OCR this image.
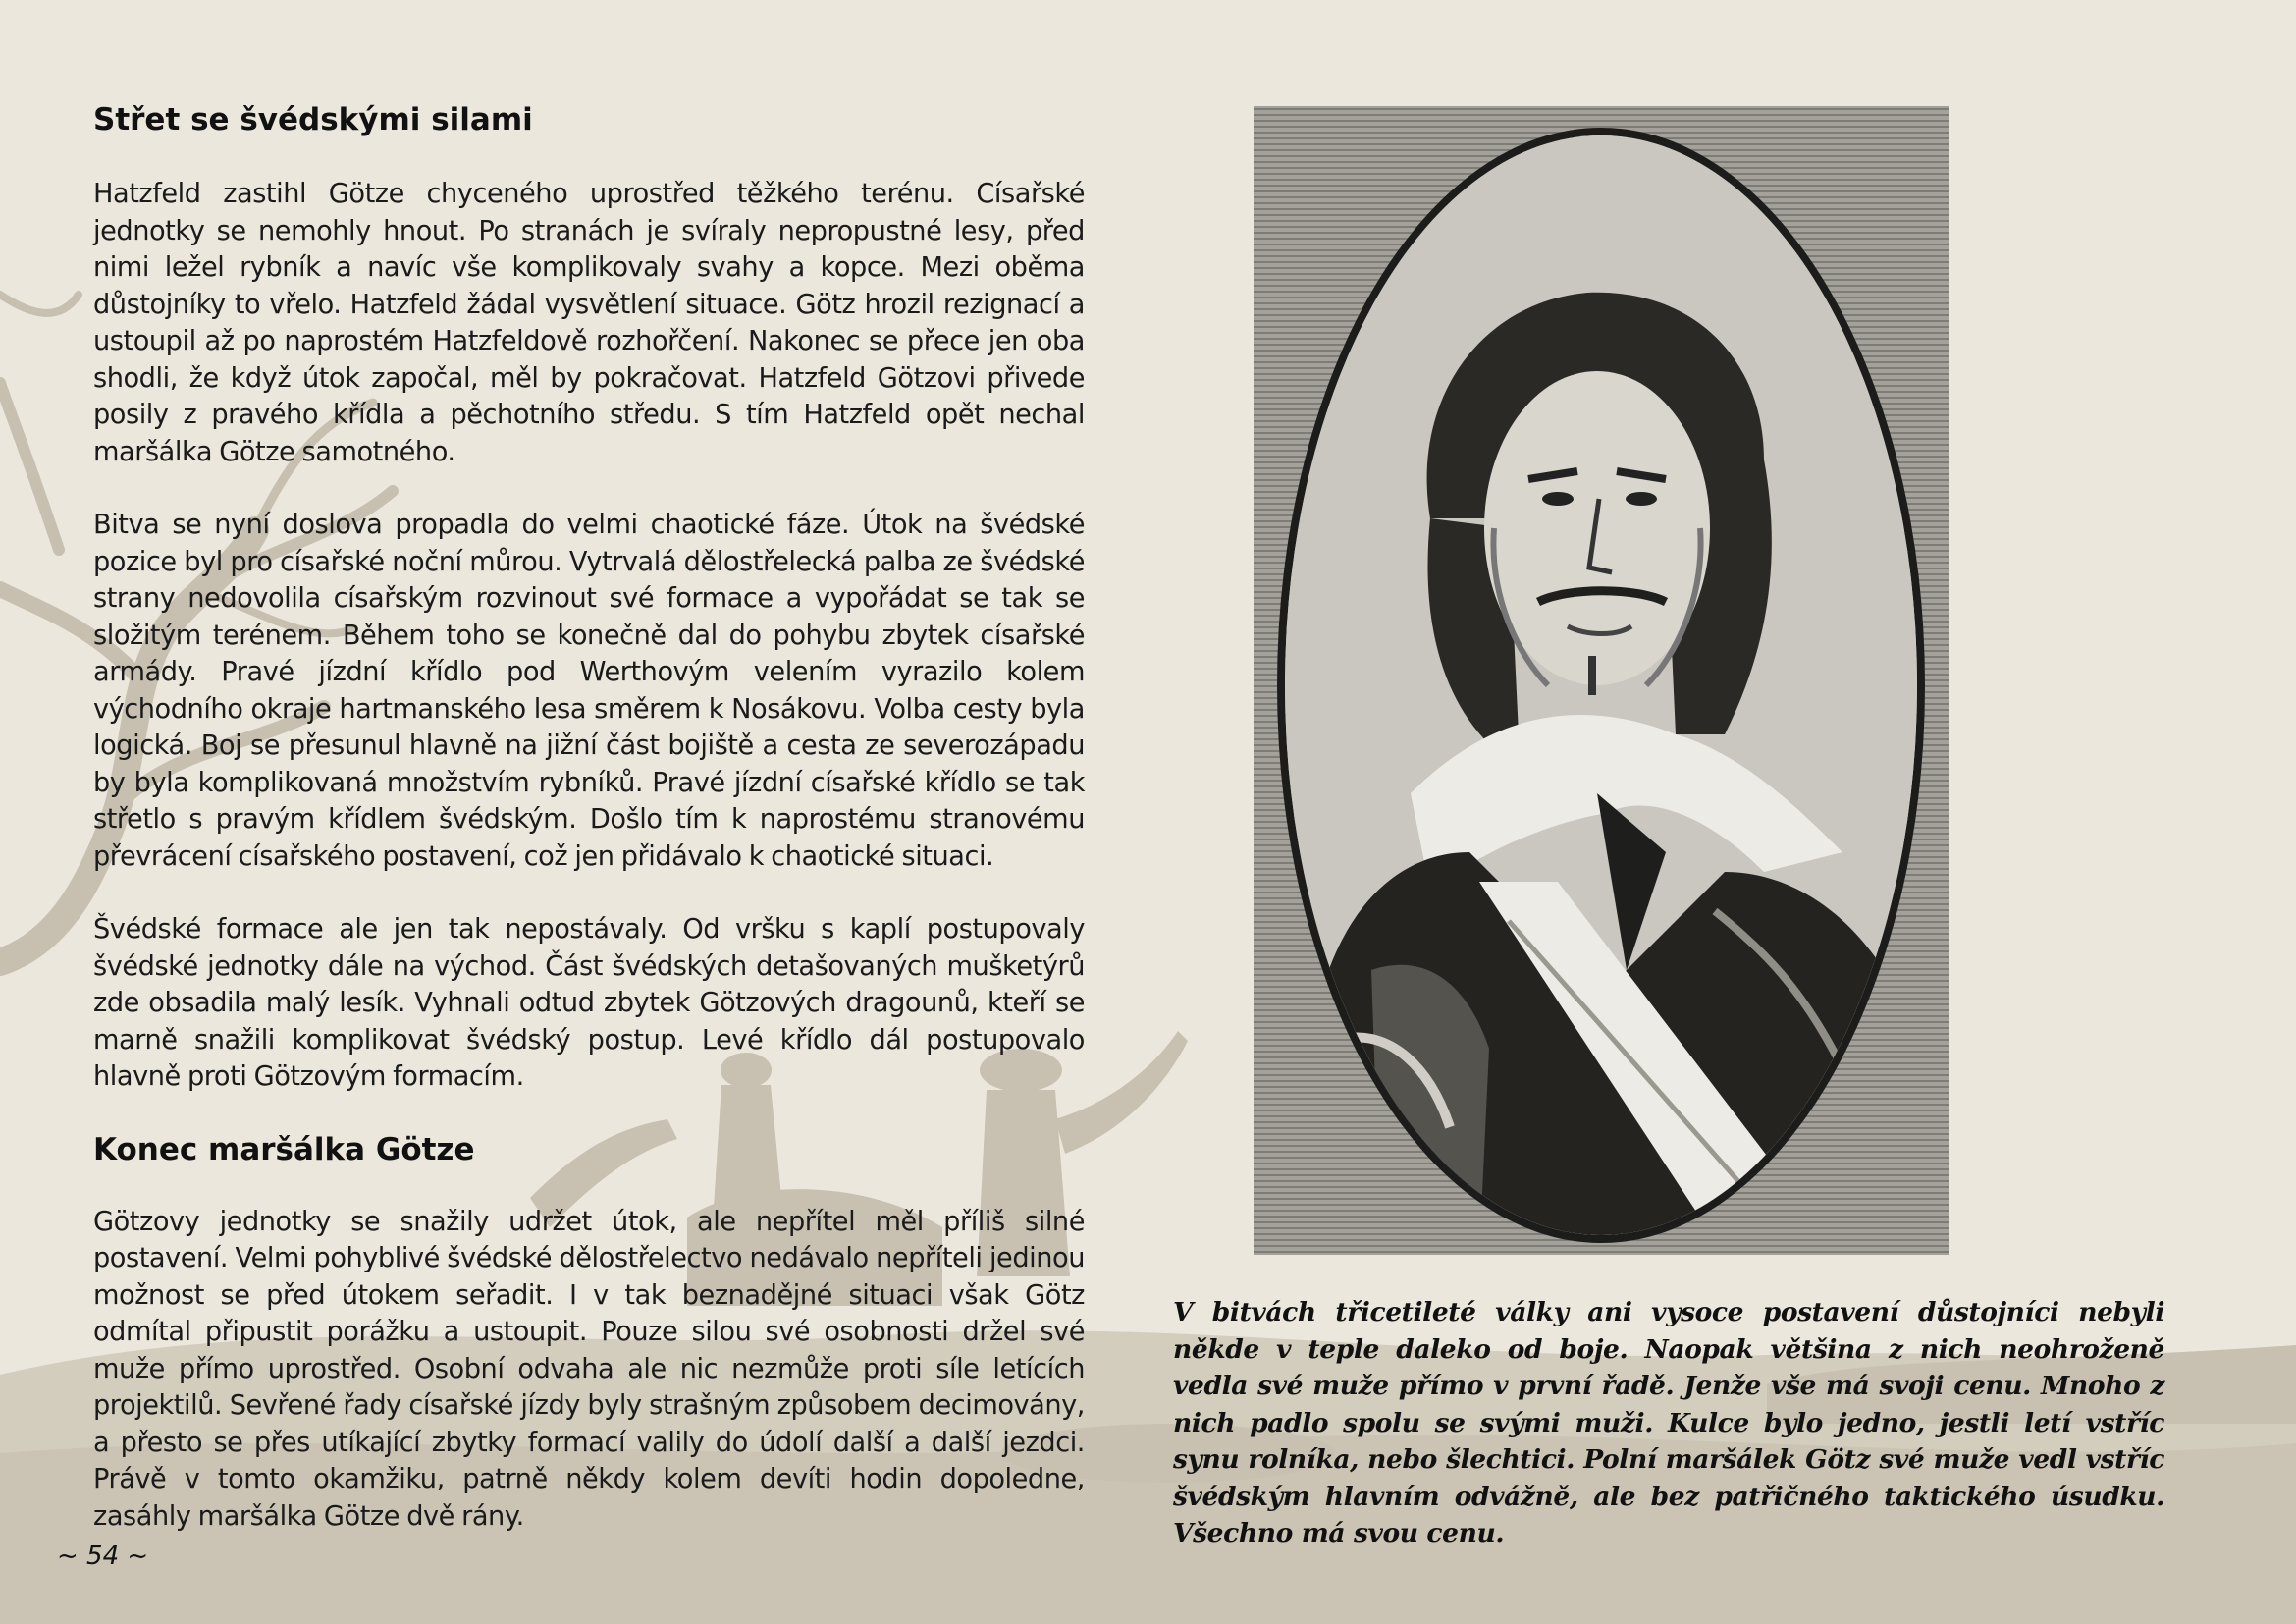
Střet se švédskými silami

Hatzfeld zastihl Götze chyceného uprostřed těžkého terénu. Císařské jednotky se nemohly hnout. Po stranách je svíraly nepropustné lesy, před nimi ležel rybník a navíc vše komplikovaly svahy a kopce. Mezi oběma důstojníky to vřelo. Hatzfeld žádal vysvětlení situace. Götz hrozil rezignací a ustoupil až po naprostém Hatzfeldově rozhořčení. Nakonec se přece jen oba shodli, že když útok započal, měl by pokračovat. Hatzfeld Götzovi přivede posily z pravého křídla a pěchotního středu. S tím Hatzfeld opět nechal maršálka Götze samotného.

Bitva se nyní doslova propadla do velmi chaotické fáze. Útok na švédské pozice byl pro císařské noční můrou. Vytrvalá dělostřelecká palba ze švédské strany nedovolila císařským rozvinout své formace a vypořádat se tak se složitým terénem. Během toho se konečně dal do pohybu zbytek císařské armády. Pravé jízdní křídlo pod Werthovým velením vyrazilo kolem východního okraje hartmanského lesa směrem k Nosákovu. Volba cesty byla logická. Boj se přesunul hlavně na jižní část bojiště a cesta ze severozápadu by byla komplikovaná množstvím rybníků. Pravé jízdní císařské křídlo se tak střetlo s pravým křídlem švédským. Došlo tím k naprostému stranovému převrácení císařského postavení, což jen přidávalo k chaotické situaci.

Švédské formace ale jen tak nepostávaly. Od vršku s kaplí postupovaly švédské jednotky dále na východ. Část švédských detašovaných mušketýrů zde obsadila malý lesík. Vyhnali odtud zbytek Götzových dragounů, kteří se marně snažili komplikovat švédský postup. Levé křídlo dál postupovalo hlavně proti Götzovým formacím.

Konec maršálka Götze

Götzovy jednotky se snažily udržet útok, ale nepřítel měl příliš silné postavení. Velmi pohyblivé švédské dělostřelectvo nedávalo nepříteli jedinou možnost se před útokem seřadit. I v tak beznadějné situaci však Götz odmítal připustit porážku a ustoupit. Pouze silou své osobnosti držel své muže přímo uprostřed. Osobní odvaha ale nic nezmůže proti síle letících projektilů. Sevřené řady císařské jízdy byly strašným způsobem decimovány, a přesto se přes utíkající zbytky formací valily do údolí další a další jezdci. Právě v tomto okamžiku, patrně někdy kolem devíti hodin dopoledne, zasáhly maršálka Götze dvě rány.

V bitvách třicetileté války ani vysoce postavení důstojníci nebyli někde v teple daleko od boje. Naopak většina z nich neohroženě vedla své muže přímo v první řadě. Jenže vše má svoji cenu. Mnoho z nich padlo spolu se svými muži. Kulce bylo jedno, jestli letí vstříc synu rolníka, nebo šlechtici. Polní maršálek Götz své muže vedl vstříc švédským hlavním odvážně, ale bez patřičného taktického úsudku. Všechno má svou cenu.
~ 54 ~
